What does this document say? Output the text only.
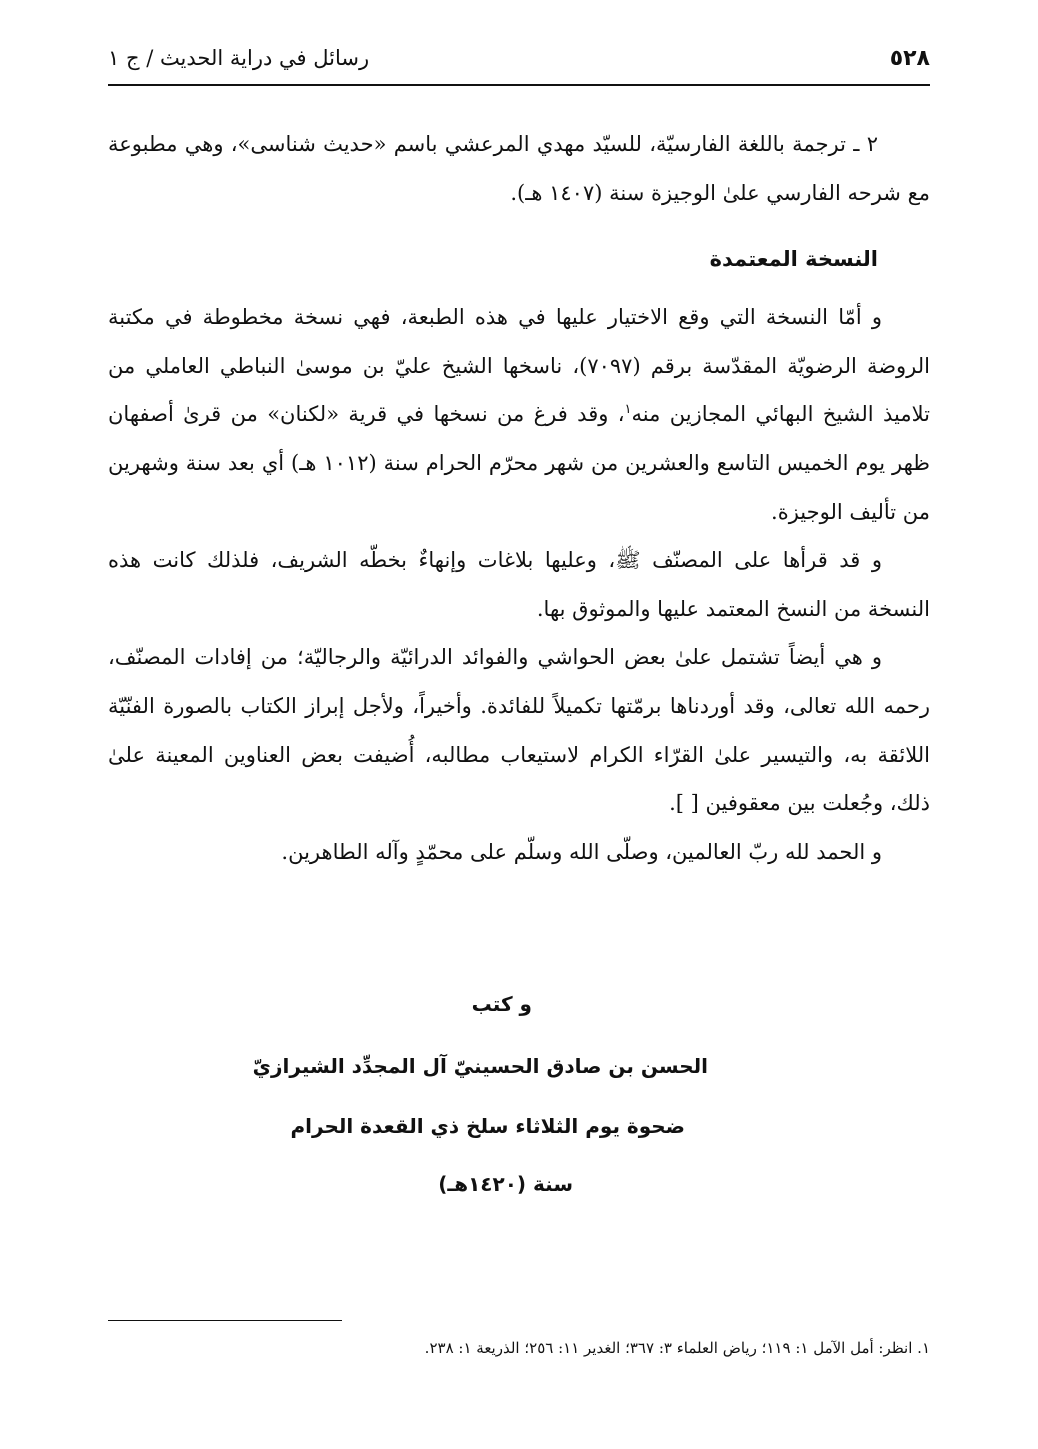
٥٢٨
رسائل في دراية الحديث / ج ١

٢ ـ ترجمة باللغة الفارسيّة، للسيّد مهدي المرعشي باسم «حديث شناسى»، وهي مطبوعة مع شرحه الفارسي علىٰ الوجيزة سنة (١٤٠٧ هـ).

النسخة المعتمدة

و أمّا النسخة التي وقع الاختيار عليها في هذه الطبعة، فهي نسخة مخطوطة في مكتبة الروضة الرضويّة المقدّسة برقم (٧٠٩٧)، ناسخها الشيخ عليّ بن موسىٰ النباطي العاملي من تلاميذ الشيخ البهائي المجازين منه$^١$، وقد فرغ من نسخها في قرية «لكنان» من قرىٰ أصفهان ظهر يوم الخميس التاسع والعشرين من شهر محرّم الحرام سنة (١٠١٢ هـ) أي بعد سنة وشهرين من تأليف الوجيزة.

و قد قرأها على المصنّف ﷺ، وعليها بلاغات وإنهاءٌ بخطّه الشريف، فلذلك كانت هذه النسخة من النسخ المعتمد عليها والموثوق بها.

و هي أيضاً تشتمل علىٰ بعض الحواشي والفوائد الدرائيّة والرجاليّة؛ من إفادات المصنّف، رحمه الله تعالى، وقد أوردناها برمّتها تكميلاً للفائدة. وأخيراً، ولأجل إبراز الكتاب بالصورة الفنّيّة اللائقة به، والتيسير علىٰ القرّاء الكرام لاستيعاب مطالبه، أُضيفت بعض العناوين المعينة علىٰ ذلك، وجُعلت بين معقوفين [ ].

و الحمد لله ربّ العالمين، وصلّى الله وسلّم على محمّدٍ وآله الطاهرين.

و كتب
الحسن بن صادق الحسينيّ آل المجدِّد الشيرازيّ
ضحوة يوم الثلاثاء سلخ ذي القعدة الحرام
سنة (١٤٢٠هـ)
١. انظر: أمل الآمل ١: ١١٩؛ رياض العلماء ٣: ٣٦٧؛ الغدير ١١: ٢٥٦؛ الذريعة ١: ٢٣٨.
